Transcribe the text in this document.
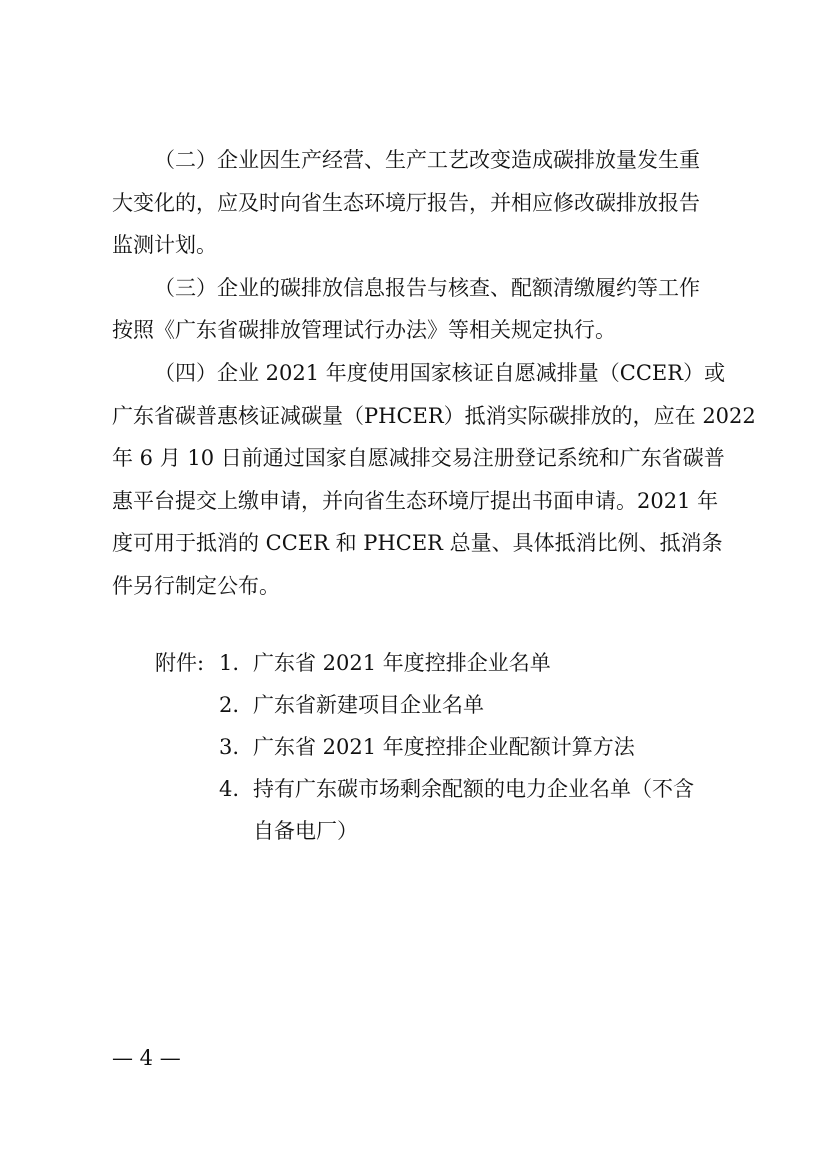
（二）企业因生产经营、生产工艺改变造成碳排放量发生重
大变化的，应及时向省生态环境厅报告，并相应修改碳排放报告
监测计划。
（三）企业的碳排放信息报告与核查、配额清缴履约等工作
按照《广东省碳排放管理试行办法》等相关规定执行。
（四）企业 2021 年度使用国家核证自愿减排量（CCER）或
广东省碳普惠核证减碳量（PHCER）抵消实际碳排放的，应在 2022
年 6 月 10 日前通过国家自愿减排交易注册登记系统和广东省碳普
惠平台提交上缴申请，并向省生态环境厅提出书面申请。2021 年
度可用于抵消的 CCER 和 PHCER 总量、具体抵消比例、抵消条
件另行制定公布。
附件: 1. 广东省 2021 年度控排企业名单
2. 广东省新建项目企业名单
3. 广东省 2021 年度控排企业配额计算方法
4. 持有广东碳市场剩余配额的电力企业名单（不含
自备电厂）
— 4 —
